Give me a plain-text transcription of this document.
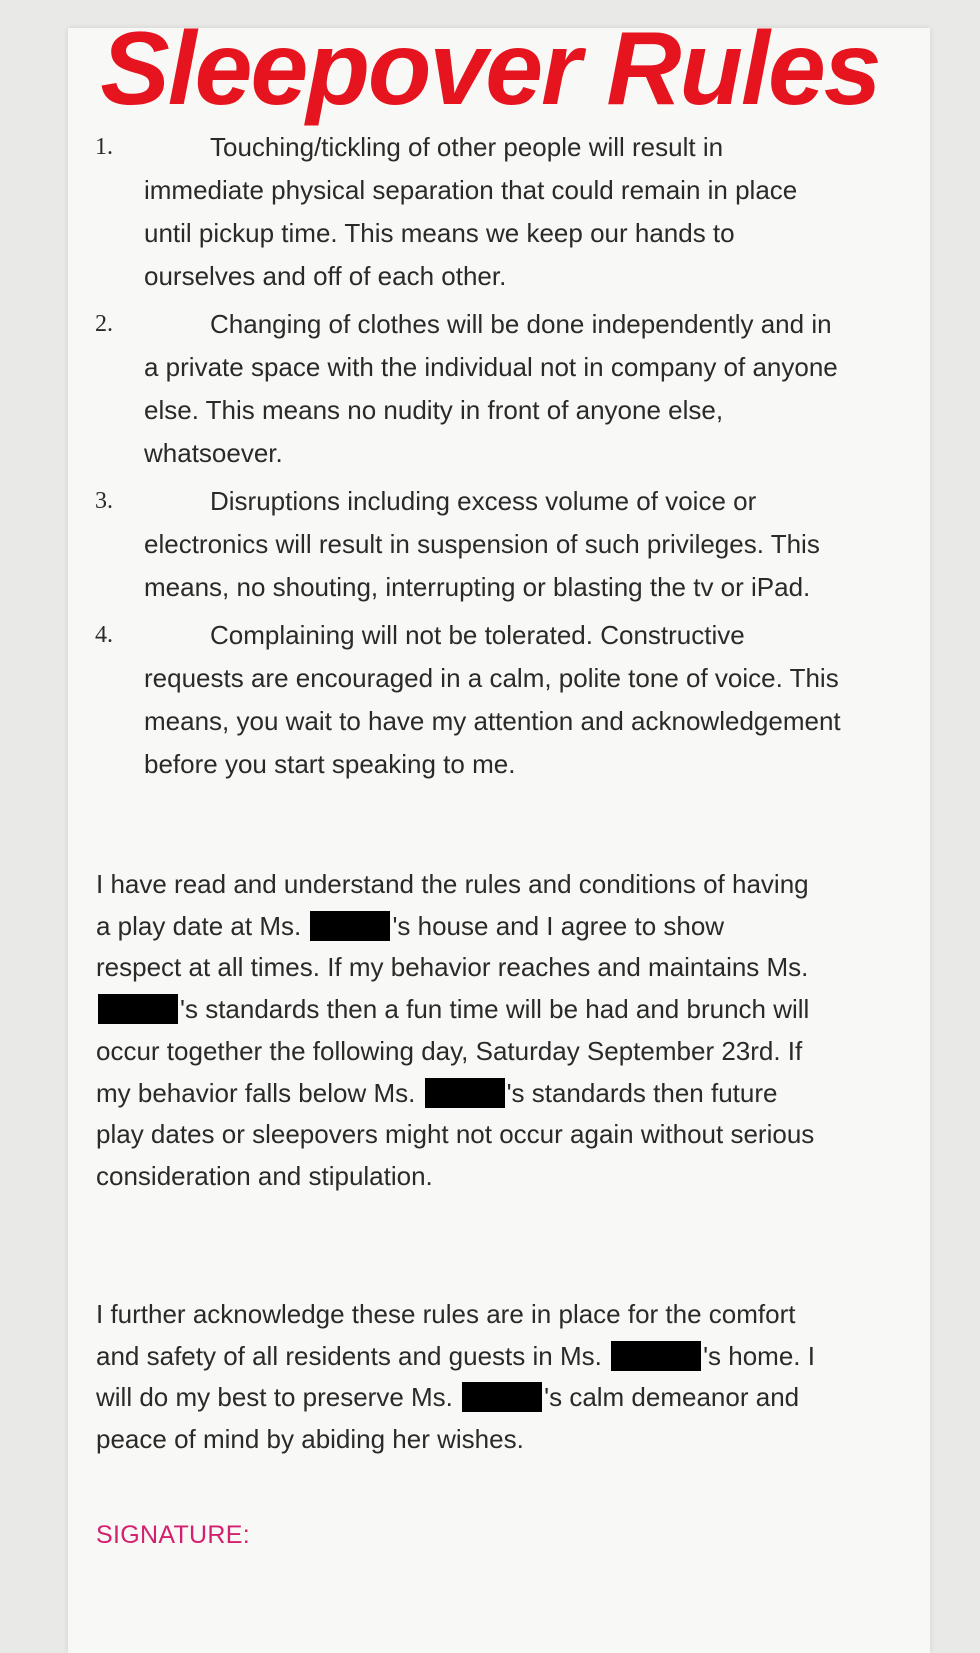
Sleepover Rules
1.	Touching/tickling of other people will result in immediate physical separation that could remain in place until pickup time. This means we keep our hands to ourselves and off of each other.
2.	Changing of clothes will be done independently and in a private space with the individual not in company of anyone else. This means no nudity in front of anyone else, whatsoever.
3.	Disruptions including excess volume of voice or electronics will result in suspension of such privileges. This means, no shouting, interrupting or blasting the tv or iPad.
4.	Complaining will not be tolerated. Constructive requests are encouraged in a calm, polite tone of voice. This means, you wait to have my attention and acknowledgement before you start speaking to me.

I have read and understand the rules and conditions of having a play date at Ms.	's house and I agree to show respect at all times. If my behavior reaches and maintains Ms. 's standards then a fun time will be had and brunch will occur together the following day, Saturday September 23rd. If my behavior falls below Ms.	's standards then future play dates or sleepovers might not occur again without serious consideration and stipulation.

I further acknowledge these rules are in place for the comfort and safety of all residents and guests in Ms.	's home. I will do my best to preserve Ms.	's calm demeanor and peace of mind by abiding her wishes.

SIGNATURE:
